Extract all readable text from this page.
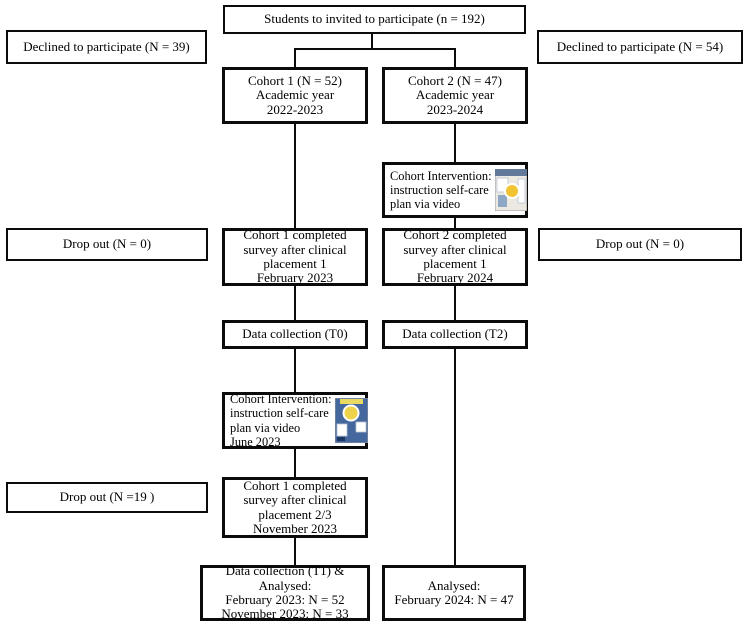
Students to invited to participate (n = 192)
Declined to participate (N = 39)	Declined to participate (N = 54)
Cohort 1 (N = 52)
Academic year
2022-2023
Cohort 2 (N = 47)
Academic year
2023-2024
Cohort Intervention:
instruction self-care
plan via video
Drop out (N = 0)
Cohort 1 completed
survey after clinical
placement 1
February 2023
Cohort 2 completed
survey after clinical
placement 1
February 2024
Drop out (N = 0)
Data collection (T0)	Data collection (T2)
Cohort Intervention:
instruction self-care
plan via video
June 2023
Drop out (N =19 )
Cohort 1 completed
survey after clinical
placement 2/3
November 2023
Data collection (T1) &
Analysed:
February 2023: N = 52
November 2023: N = 33
Analysed:
February 2024: N = 47
